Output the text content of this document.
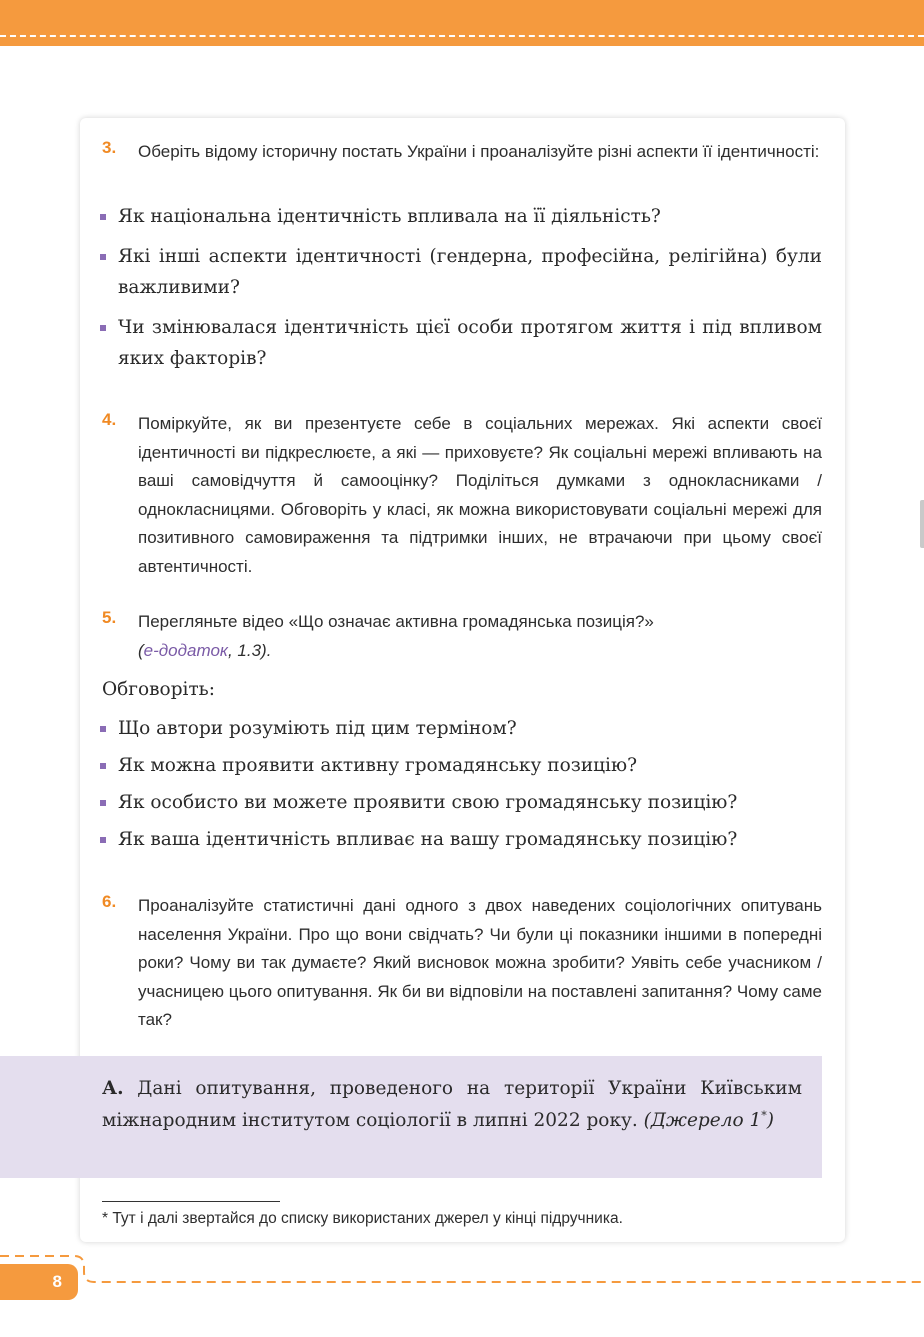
3. Оберіть відому історичну постать України і проаналізуйте різні аспекти її ідентичності:

Як національна ідентичність впливала на її діяльність?
Які інші аспекти ідентичності (гендерна, професійна, релігійна) були важливими?
Чи змінювалася ідентичність цієї особи протягом життя і під впливом яких факторів?
4. Поміркуйте, як ви презентуєте себе в соціальних мережах. Які аспекти своєї ідентичності ви підкреслюєте, а які — приховуєте? Як соціальні мережі впливають на ваші самовідчуття й самооцінку? Поділіться думками з однокласниками / однокласницями. Обговоріть у класі, як можна використовувати соціальні мережі для позитивного самовираження та підтримки інших, не втрачаючи при цьому своєї автентичності.

5. Перегляньте відео «Що означає активна громадянська позиція?»
(е-додаток, 1.3).

Обговоріть:
Що автори розуміють під цим терміном?
Як можна проявити активну громадянську позицію?
Як особисто ви можете проявити свою громадянську позицію?
Як ваша ідентичність впливає на вашу громадянську позицію?
6. Проаналізуйте статистичні дані одного з двох наведених соціологічних опитувань населення України. Про що вони свідчать? Чи були ці показники іншими в попередні роки? Чому ви так думаєте? Який висновок можна зробити? Уявіть себе учасником / учасницею цього опитування. Як би ви відповіли на поставлені запитання? Чому саме так?

А. Дані опитування, проведеного на території України Київським міжнародним інститутом соціології в липні 2022 року. (Джерело 1*)

* Тут і далі звертайся до списку використаних джерел у кінці підручника.

8
